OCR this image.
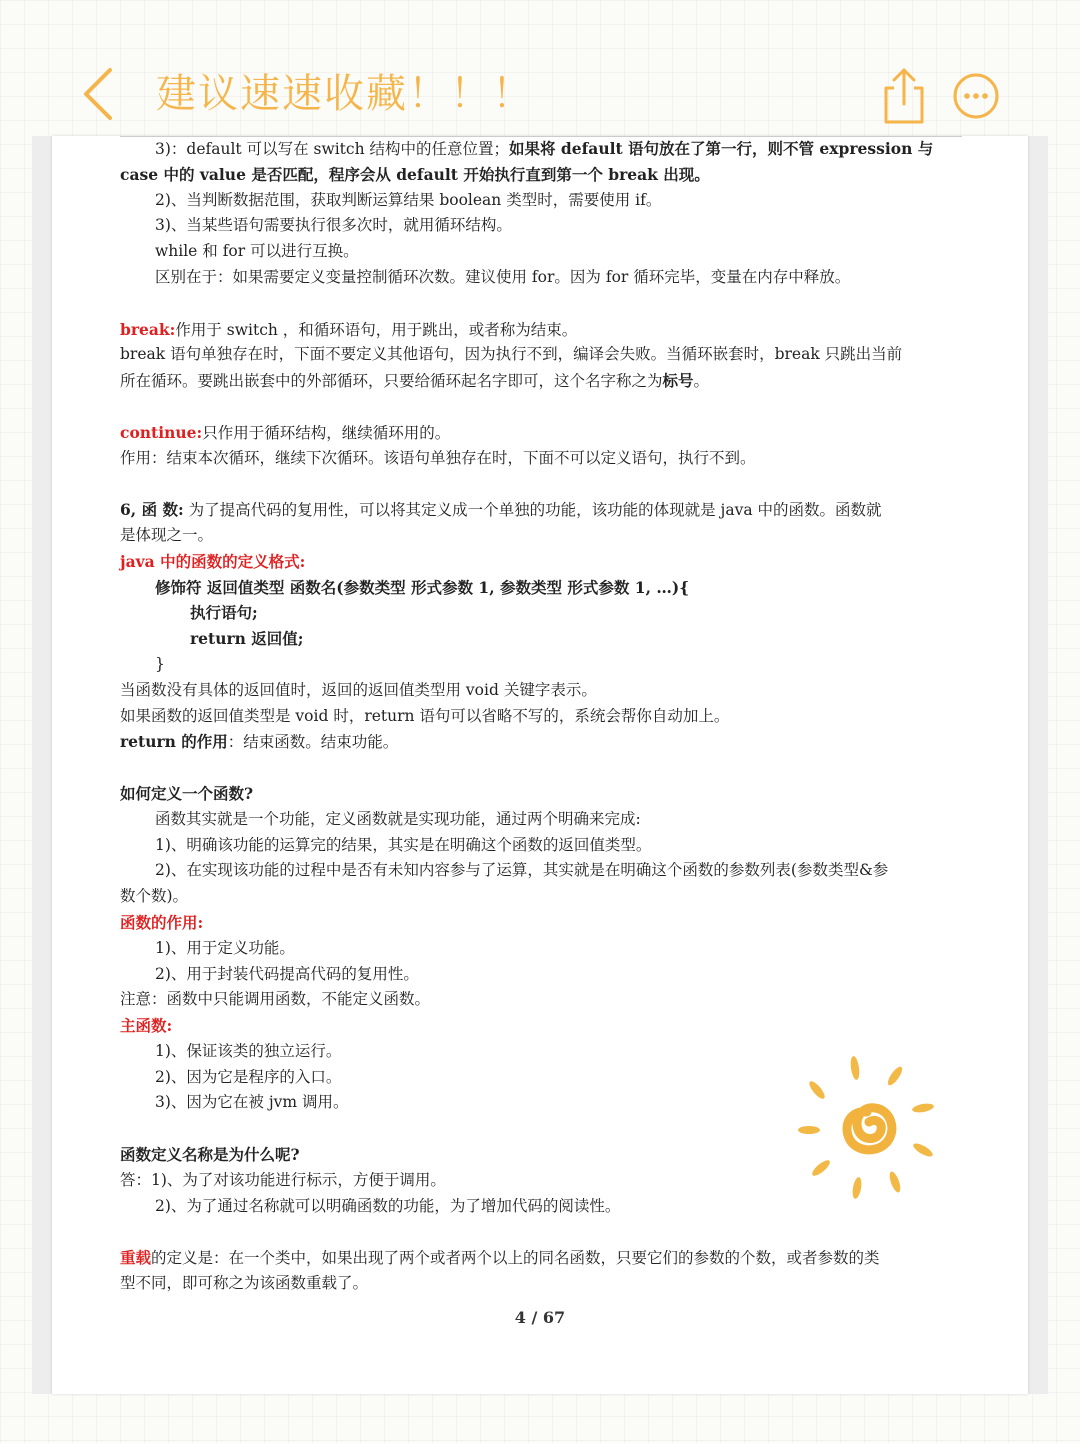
建议速速收藏！！！
3)：default 可以写在 switch 结构中的任意位置；如果将 default 语句放在了第一行，则不管 expression 与
case 中的 value 是否匹配，程序会从 default 开始执行直到第一个 break 出现。
2)、当判断数据范围，获取判断运算结果 boolean 类型时，需要使用 if。
3)、当某些语句需要执行很多次时，就用循环结构。
while 和 for 可以进行互换。
区别在于：如果需要定义变量控制循环次数。建议使用 for。因为 for 循环完毕，变量在内存中释放。
break:作用于 switch ，和循环语句，用于跳出，或者称为结束。
break 语句单独存在时，下面不要定义其他语句，因为执行不到，编译会失败。当循环嵌套时，break 只跳出当前
所在循环。要跳出嵌套中的外部循环，只要给循环起名字即可，这个名字称之为标号。
continue:只作用于循环结构，继续循环用的。
作用：结束本次循环，继续下次循环。该语句单独存在时，下面不可以定义语句，执行不到。
6, 函 数: 为了提高代码的复用性，可以将其定义成一个单独的功能，该功能的体现就是 java 中的函数。函数就
是体现之一。
java 中的函数的定义格式:
修饰符 返回值类型 函数名(参数类型 形式参数 1, 参数类型 形式参数 1, …){
执行语句;
return 返回值;
}
当函数没有具体的返回值时，返回的返回值类型用 void 关键字表示。
如果函数的返回值类型是 void 时，return 语句可以省略不写的，系统会帮你自动加上。
return 的作用：结束函数。结束功能。
如何定义一个函数?
函数其实就是一个功能，定义函数就是实现功能，通过两个明确来完成:
1)、明确该功能的运算完的结果，其实是在明确这个函数的返回值类型。
2)、在实现该功能的过程中是否有未知内容参与了运算，其实就是在明确这个函数的参数列表(参数类型&参
数个数)。
函数的作用:
1)、用于定义功能。
2)、用于封装代码提高代码的复用性。
注意：函数中只能调用函数，不能定义函数。
主函数:
1)、保证该类的独立运行。
2)、因为它是程序的入口。
3)、因为它在被 jvm 调用。
函数定义名称是为什么呢?
答：1)、为了对该功能进行标示，方便于调用。
2)、为了通过名称就可以明确函数的功能，为了增加代码的阅读性。
重载的定义是：在一个类中，如果出现了两个或者两个以上的同名函数，只要它们的参数的个数，或者参数的类
型不同，即可称之为该函数重载了。
4 / 67
